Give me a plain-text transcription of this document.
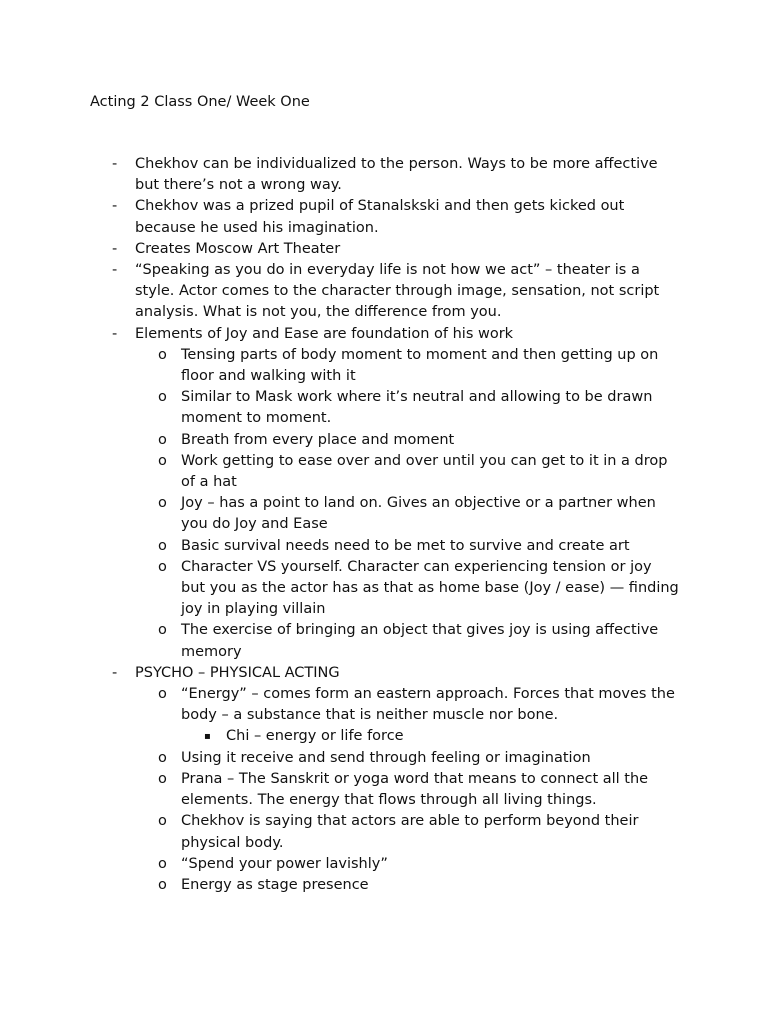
Acting 2 Class One/ Week One
- Chekhov can be individualized to the person. Ways to be more affective but there’s not a wrong way.
- Chekhov was a prized pupil of Stanalskski and then gets kicked out because he used his imagination.
- Creates Moscow Art Theater
- “Speaking as you do in everyday life is not how we act” – theater is a style. Actor comes to the character through image, sensation, not script analysis. What is not you, the difference from you.
- Elements of Joy and Ease are foundation of his work
o Tensing parts of body moment to moment and then getting up on floor and walking with it
o Similar to Mask work where it’s neutral and allowing to be drawn moment to moment.
o Breath from every place and moment
o Work getting to ease over and over until you can get to it in a drop of a hat
o Joy – has a point to land on. Gives an objective or a partner when you do Joy and Ease
o Basic survival needs need to be met to survive and create art
o Character VS yourself. Character can experiencing tension or joy but you as the actor has as that as home base (Joy / ease) — finding joy in playing villain
o The exercise of bringing an object that gives joy is using affective memory
- PSYCHO – PHYSICAL ACTING
o “Energy” – comes form an eastern approach. Forces that moves the body – a substance that is neither muscle nor bone.
▪ Chi – energy or life force
o Using it receive and send through feeling or imagination
o Prana – The Sanskrit or yoga word that means to connect all the elements. The energy that flows through all living things.
o Chekhov is saying that actors are able to perform beyond their physical body.
o “Spend your power lavishly”
o Energy as stage presence
